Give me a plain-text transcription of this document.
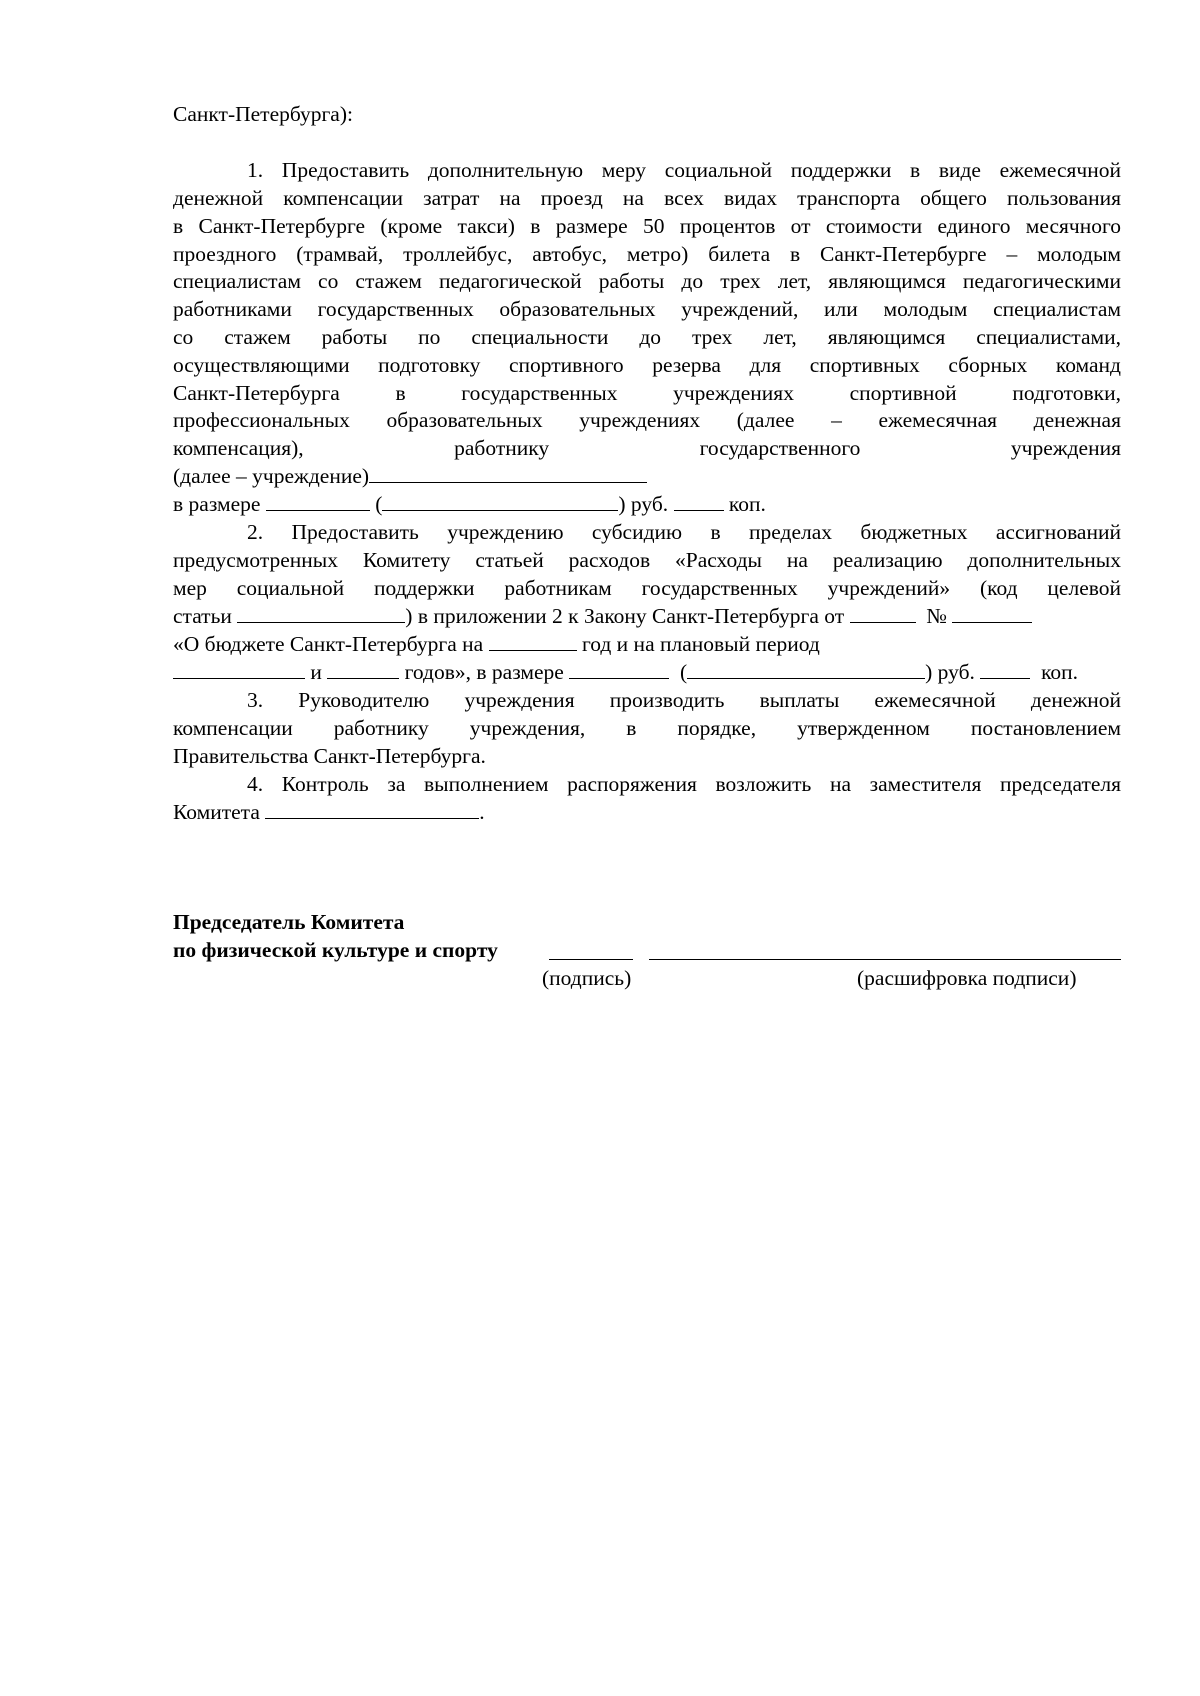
Санкт-Петербурга):
1. Предоставить дополнительную меру социальной поддержки в виде ежемесячной
денежной компенсации затрат на проезд на всех видах транспорта общего пользования
в Санкт-Петербурге (кроме такси) в размере 50 процентов от стоимости единого месячного
проездного (трамвай, троллейбус, автобус, метро) билета в Санкт-Петербурге – молодым
специалистам со стажем педагогической работы до трех лет, являющимся педагогическими
работниками государственных образовательных учреждений, или молодым специалистам
со стажем работы по специальности до трех лет, являющимся специалистами,
осуществляющими подготовку спортивного резерва для спортивных сборных команд
Санкт-Петербурга в государственных учреждениях спортивной подготовки,
профессиональных образовательных учреждениях (далее – ежемесячная денежная
компенсация), работнику государственного учреждения
(далее – учреждение)
в размере	(	) руб.	коп.
2. Предоставить учреждению субсидию в пределах бюджетных ассигнований
предусмотренных Комитету статьей расходов «Расходы на реализацию дополнительных
мер социальной поддержки работникам государственных учреждений» (код целевой
статьи	) в приложении 2 к Закону Санкт-Петербурга от	№
«О бюджете Санкт-Петербурга на	год и на плановый период
и	годов», в размере	(	) руб.	коп.
3. Руководителю учреждения производить выплаты ежемесячной денежной
компенсации работнику учреждения, в порядке, утвержденном постановлением
Правительства Санкт-Петербурга.
4. Контроль за выполнением распоряжения возложить на заместителя председателя
Комитета	.
Председатель Комитета
по физической культуре и спорту
(подпись)	(расшифровка подписи)
